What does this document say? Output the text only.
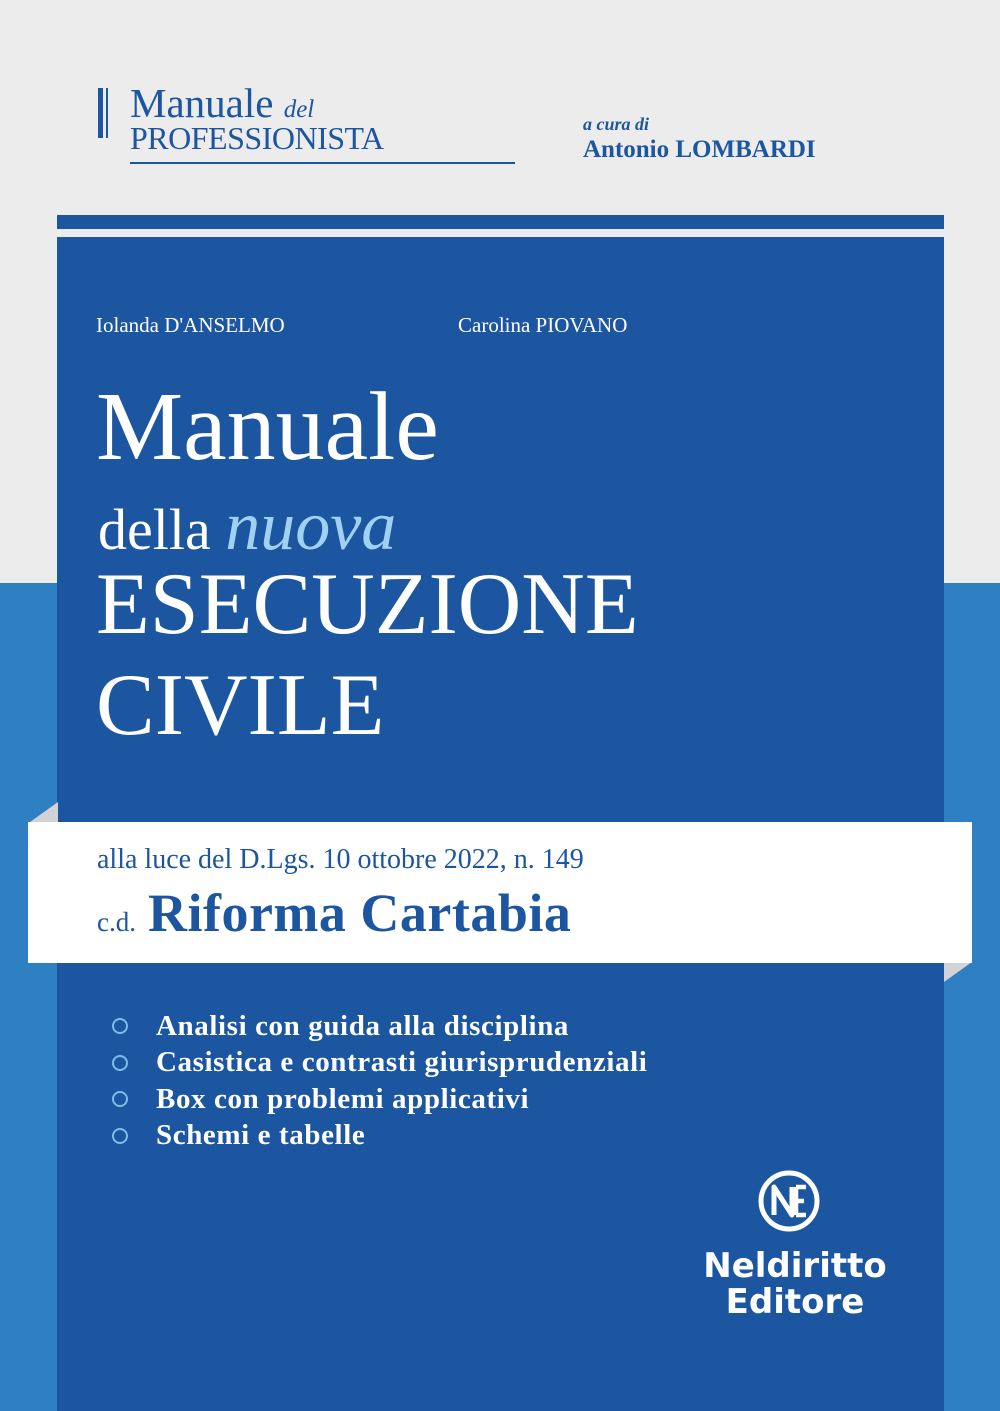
Manuale del
PROFESSIONISTA	a cura di
Antonio LOMBARDI
Iolanda D'ANSELMO	Carolina PIOVANO
Manuale
della nuova
ESECUZIONE
CIVILE
alla luce del D.Lgs. 10 ottobre 2022, n. 149
c.d. Riforma Cartabia
Analisi con guida alla disciplina
Casistica e contrasti giurisprudenziali
Box con problemi applicativi
Schemi e tabelle
Neldiritto
Editore
